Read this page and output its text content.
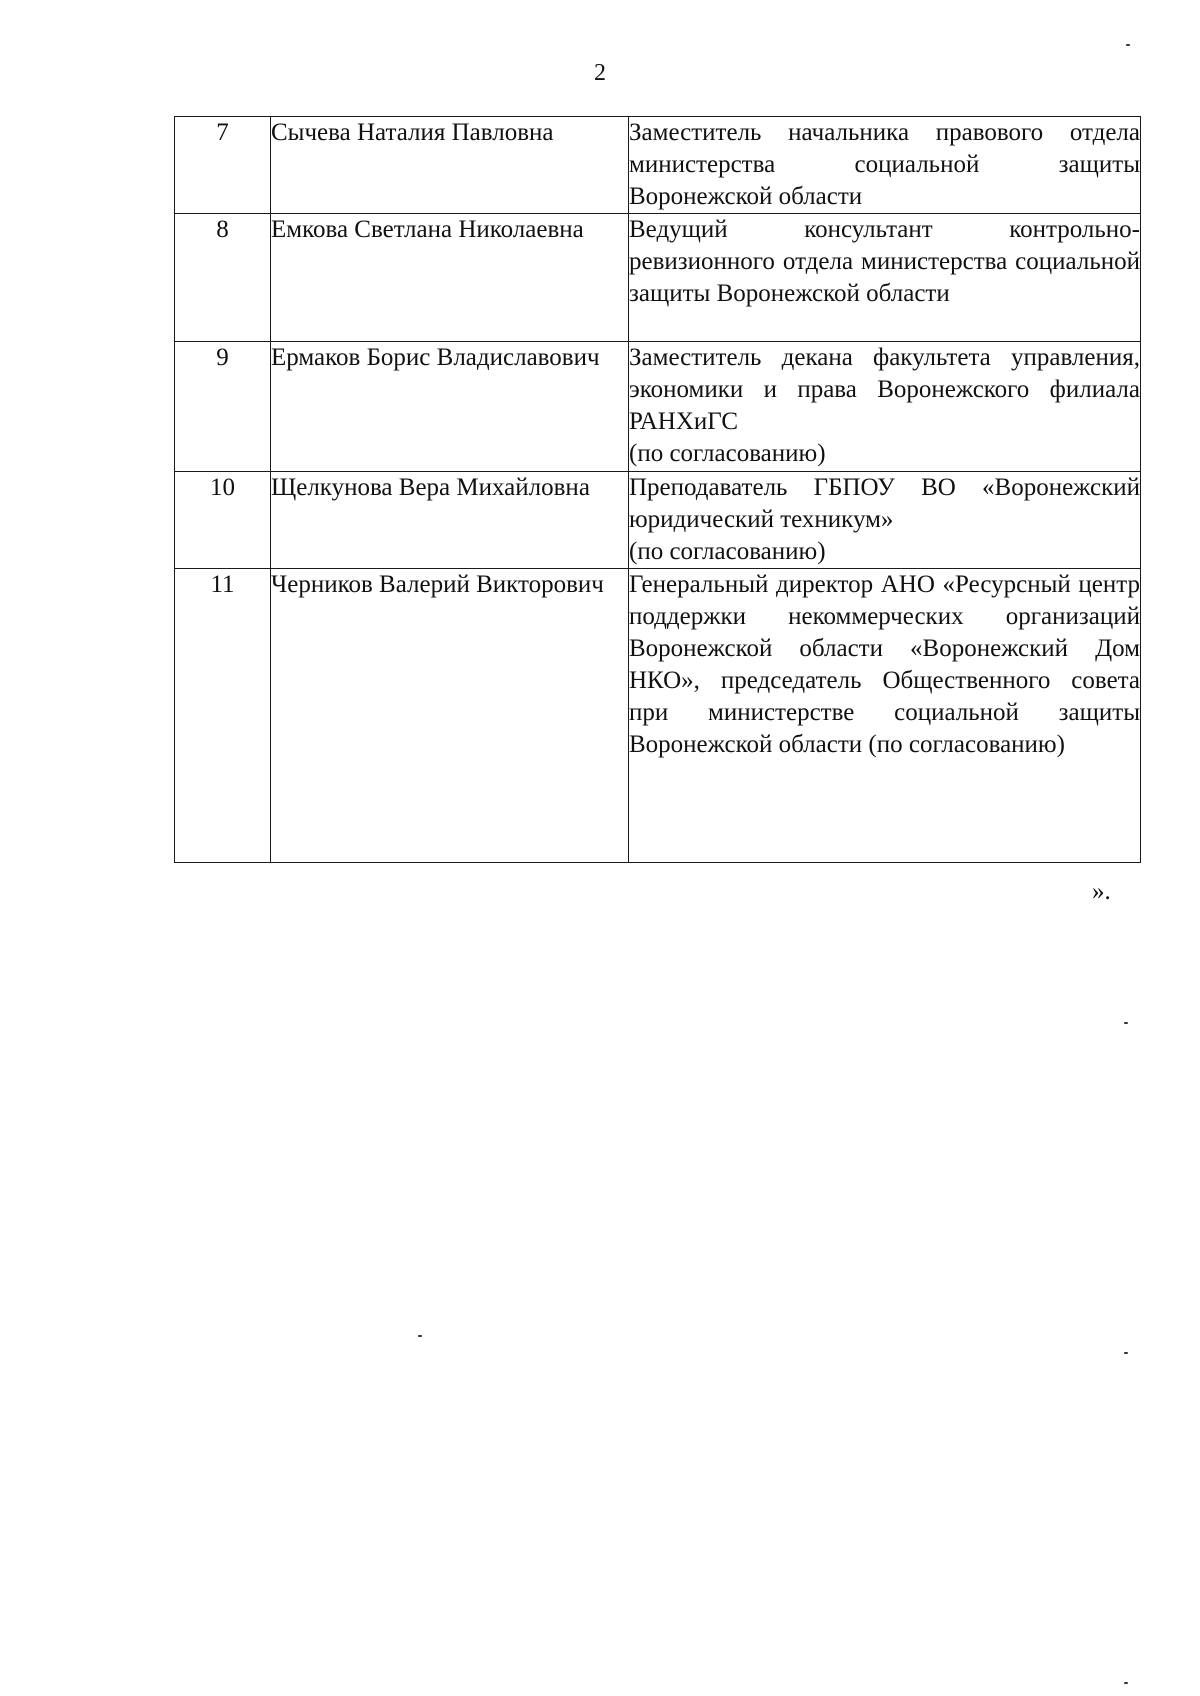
2
7	Сычева Наталия Павловна	Заместитель начальника правового отдела министерства социальной защиты Воронежской области
8	Емкова Светлана Николаевна	Ведущий консультант контрольно-ревизионного отдела министерства социальной защиты Воронежской области
9	Ермаков Борис Владиславович	Заместитель декана факультета управления, экономики и права Воронежского филиала РАНХиГС
(по согласованию)

10	Щелкунова Вера Михайловна	Преподаватель ГБПОУ ВО «Воронежский юридический техникум»
(по согласованию)

11	Черников Валерий Викторович	Генеральный директор АНО «Ресурсный центр поддержки некоммерческих организаций Воронежской области «Воронежский Дом НКО», председатель Общественного совета при министерстве социальной защиты Воронежской области (по согласованию)
».
